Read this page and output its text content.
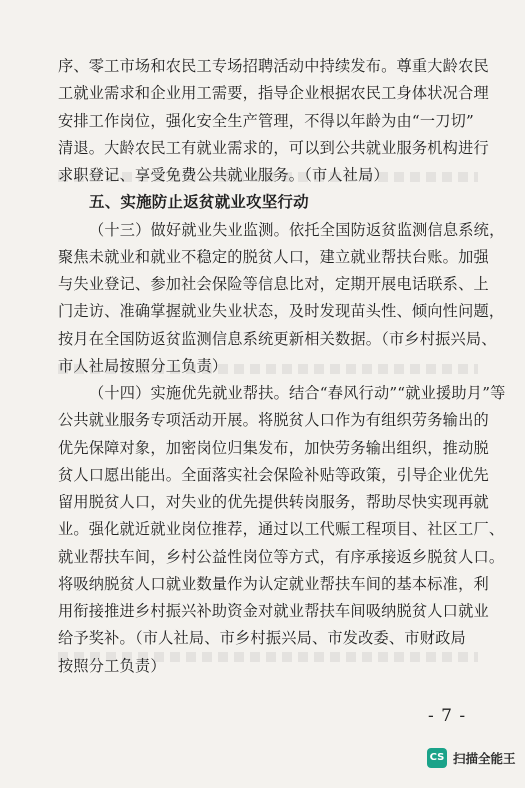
序、零工市场和农民工专场招聘活动中持续发布。尊重大龄农民
工就业需求和企业用工需要，指导企业根据农民工身体状况合理
安排工作岗位，强化安全生产管理，不得以年龄为由“一刀切”
清退。大龄农民工有就业需求的，可以到公共就业服务机构进行
求职登记、享受免费公共就业服务。（市人社局）
五、实施防止返贫就业攻坚行动
（十三）做好就业失业监测。依托全国防返贫监测信息系统，
聚焦未就业和就业不稳定的脱贫人口，建立就业帮扶台账。加强
与失业登记、参加社会保险等信息比对，定期开展电话联系、上
门走访、准确掌握就业失业状态，及时发现苗头性、倾向性问题，
按月在全国防返贫监测信息系统更新相关数据。（市乡村振兴局、
市人社局按照分工负责）
（十四）实施优先就业帮扶。结合“春风行动”“就业援助月”等
公共就业服务专项活动开展。将脱贫人口作为有组织劳务输出的
优先保障对象，加密岗位归集发布，加快劳务输出组织，推动脱
贫人口愿出能出。全面落实社会保险补贴等政策，引导企业优先
留用脱贫人口，对失业的优先提供转岗服务，帮助尽快实现再就
业。强化就近就业岗位推荐，通过以工代赈工程项目、社区工厂、
就业帮扶车间，乡村公益性岗位等方式，有序承接返乡脱贫人口。
将吸纳脱贫人口就业数量作为认定就业帮扶车间的基本标准，利
用衔接推进乡村振兴补助资金对就业帮扶车间吸纳脱贫人口就业
给予奖补。（市人社局、市乡村振兴局、市发改委、市财政局
按照分工负责）
- 7 -
CS 扫描全能王
